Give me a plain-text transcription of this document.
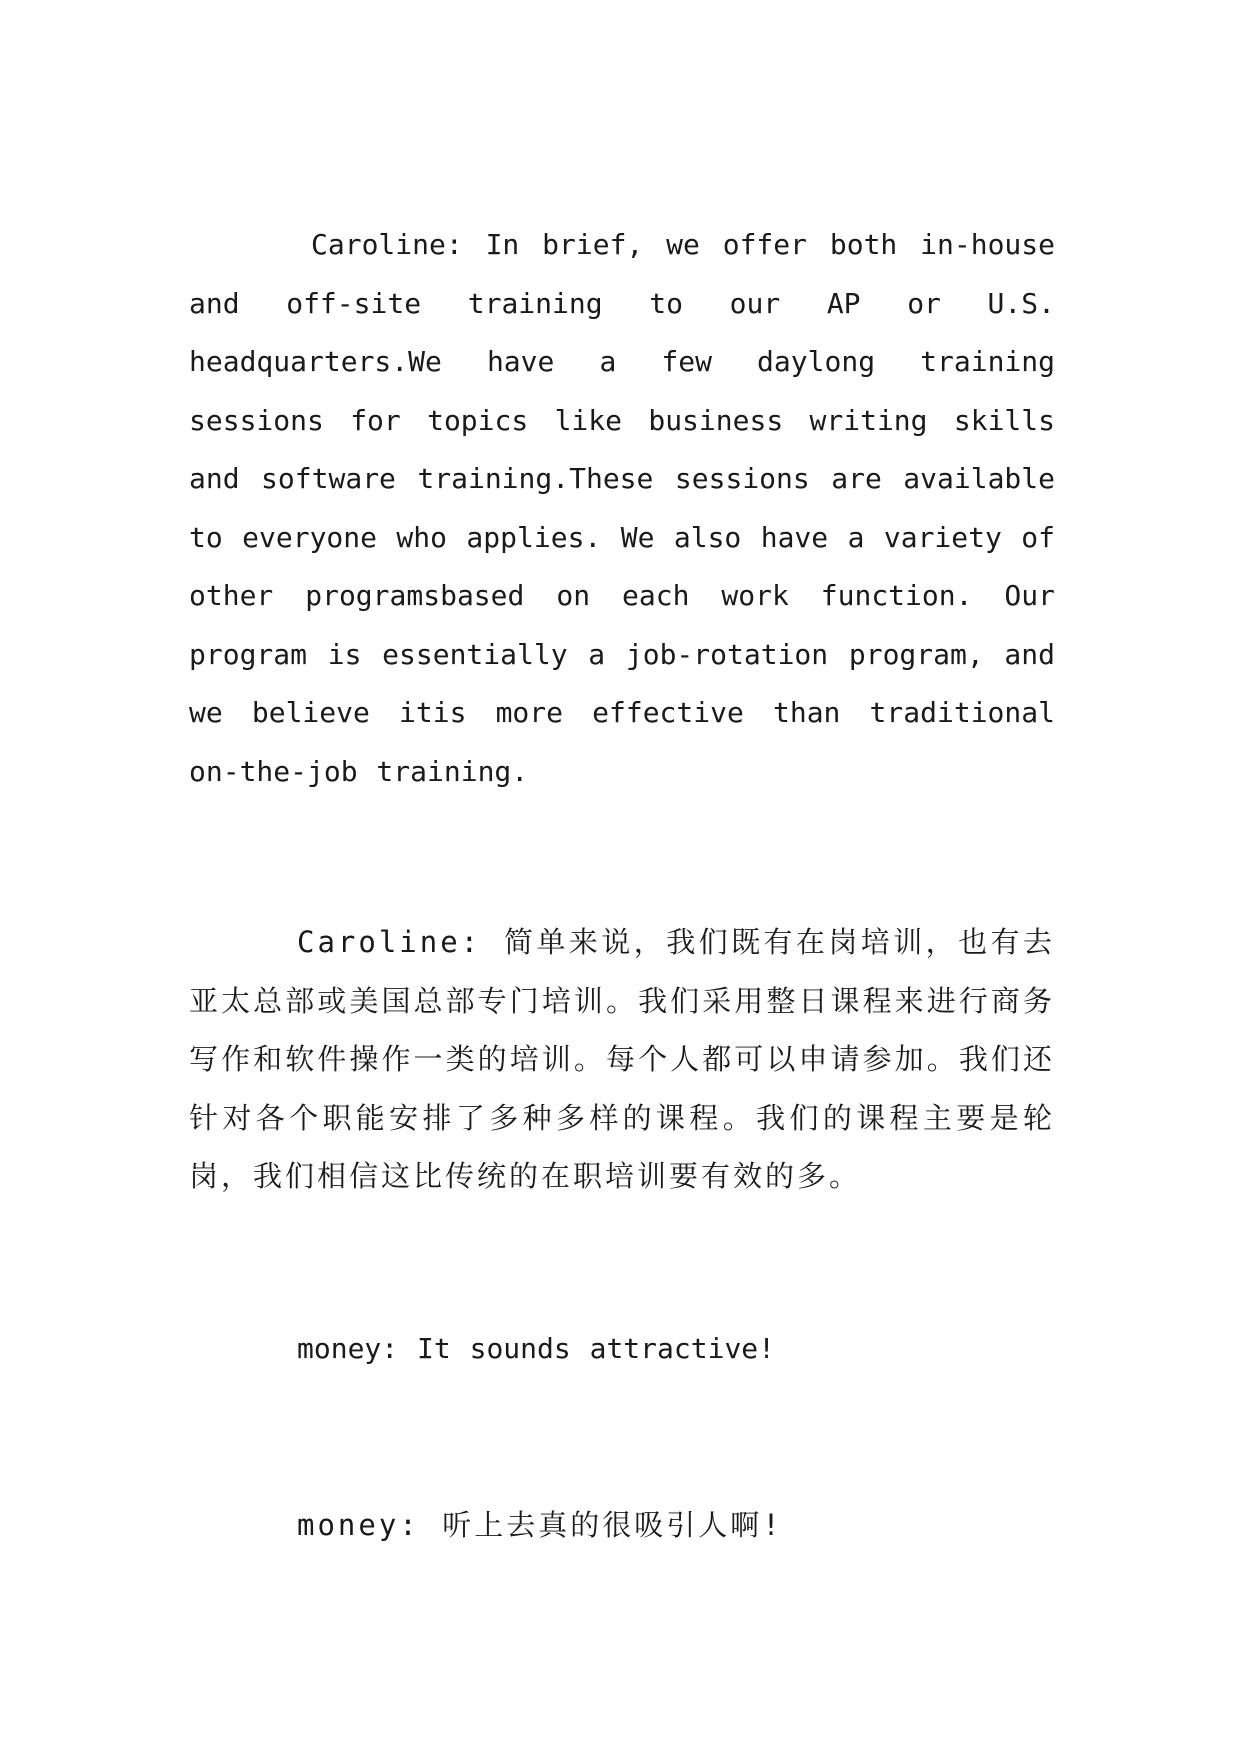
Caroline: In brief, we offer both in-house and off-site training to our AP or U.S. headquarters.We have a few daylong training sessions for topics like business writing skills and software training.These sessions are available to everyone who applies. We also have a variety of other programsbased on each work function. Our program is essentially a job-rotation program, and we believe itis more effective than traditional on-the-job training.

Caroline: 简单来说，我们既有在岗培训，也有去亚太总部或美国总部专门培训。我们采用整日课程来进行商务写作和软件操作一类的培训。每个人都可以申请参加。我们还针对各个职能安排了多种多样的课程。我们的课程主要是轮岗，我们相信这比传统的在职培训要有效的多。

money: It sounds attractive!

money: 听上去真的很吸引人啊!
